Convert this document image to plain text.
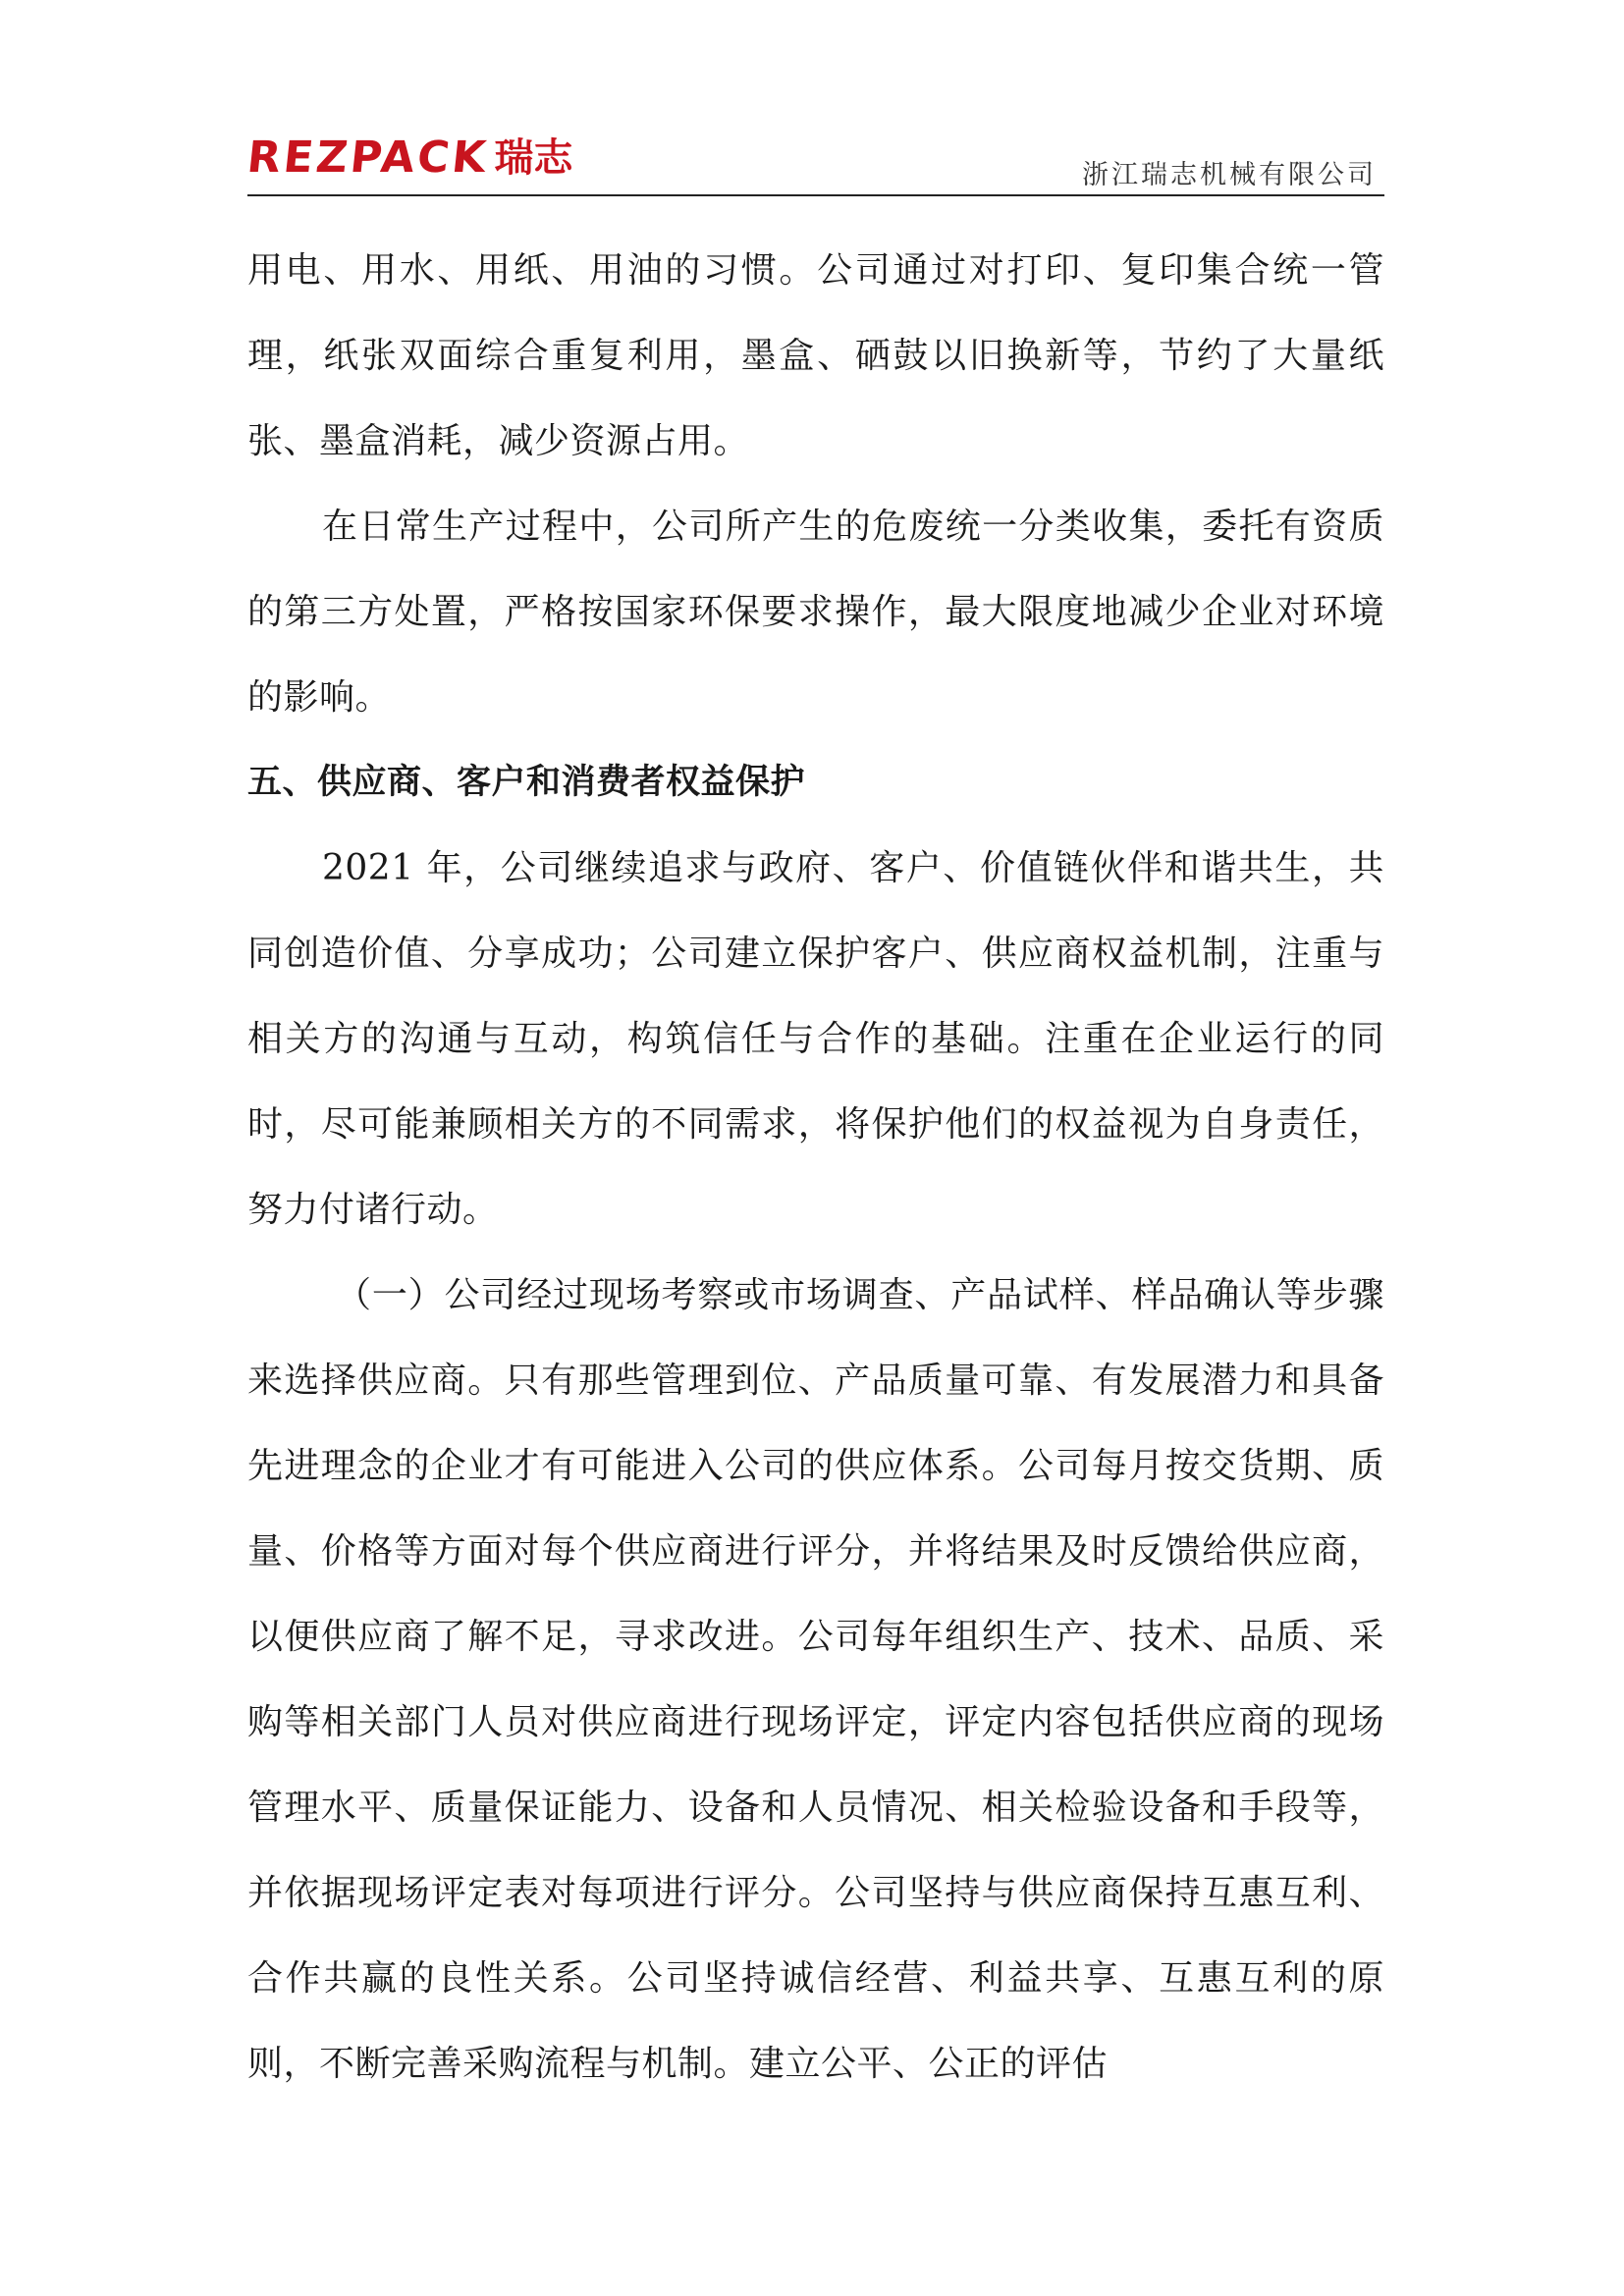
REZPACK 瑞志	浙江瑞志机械有限公司

用电、用水、用纸、用油的习惯。公司通过对打印、复印集合统一管理，纸张双面综合重复利用，墨盒、硒鼓以旧换新等，节约了大量纸张、墨盒消耗，减少资源占用。

在日常生产过程中，公司所产生的危废统一分类收集，委托有资质的第三方处置，严格按国家环保要求操作，最大限度地减少企业对环境的影响。

五、供应商、客户和消费者权益保护

2021 年，公司继续追求与政府、客户、价值链伙伴和谐共生，共同创造价值、分享成功；公司建立保护客户、供应商权益机制，注重与相关方的沟通与互动，构筑信任与合作的基础。注重在企业运行的同时，尽可能兼顾相关方的不同需求，将保护他们的权益视为自身责任，努力付诸行动。

（一）公司经过现场考察或市场调查、产品试样、样品确认等步骤来选择供应商。只有那些管理到位、产品质量可靠、有发展潜力和具备先进理念的企业才有可能进入公司的供应体系。公司每月按交货期、质量、价格等方面对每个供应商进行评分，并将结果及时反馈给供应商，以便供应商了解不足，寻求改进。公司每年组织生产、技术、品质、采购等相关部门人员对供应商进行现场评定，评定内容包括供应商的现场管理水平、质量保证能力、设备和人员情况、相关检验设备和手段等，并依据现场评定表对每项进行评分。公司坚持与供应商保持互惠互利、合作共赢的良性关系。公司坚持诚信经营、利益共享、互惠互利的原则，不断完善采购流程与机制。建立公平、公正的评估
